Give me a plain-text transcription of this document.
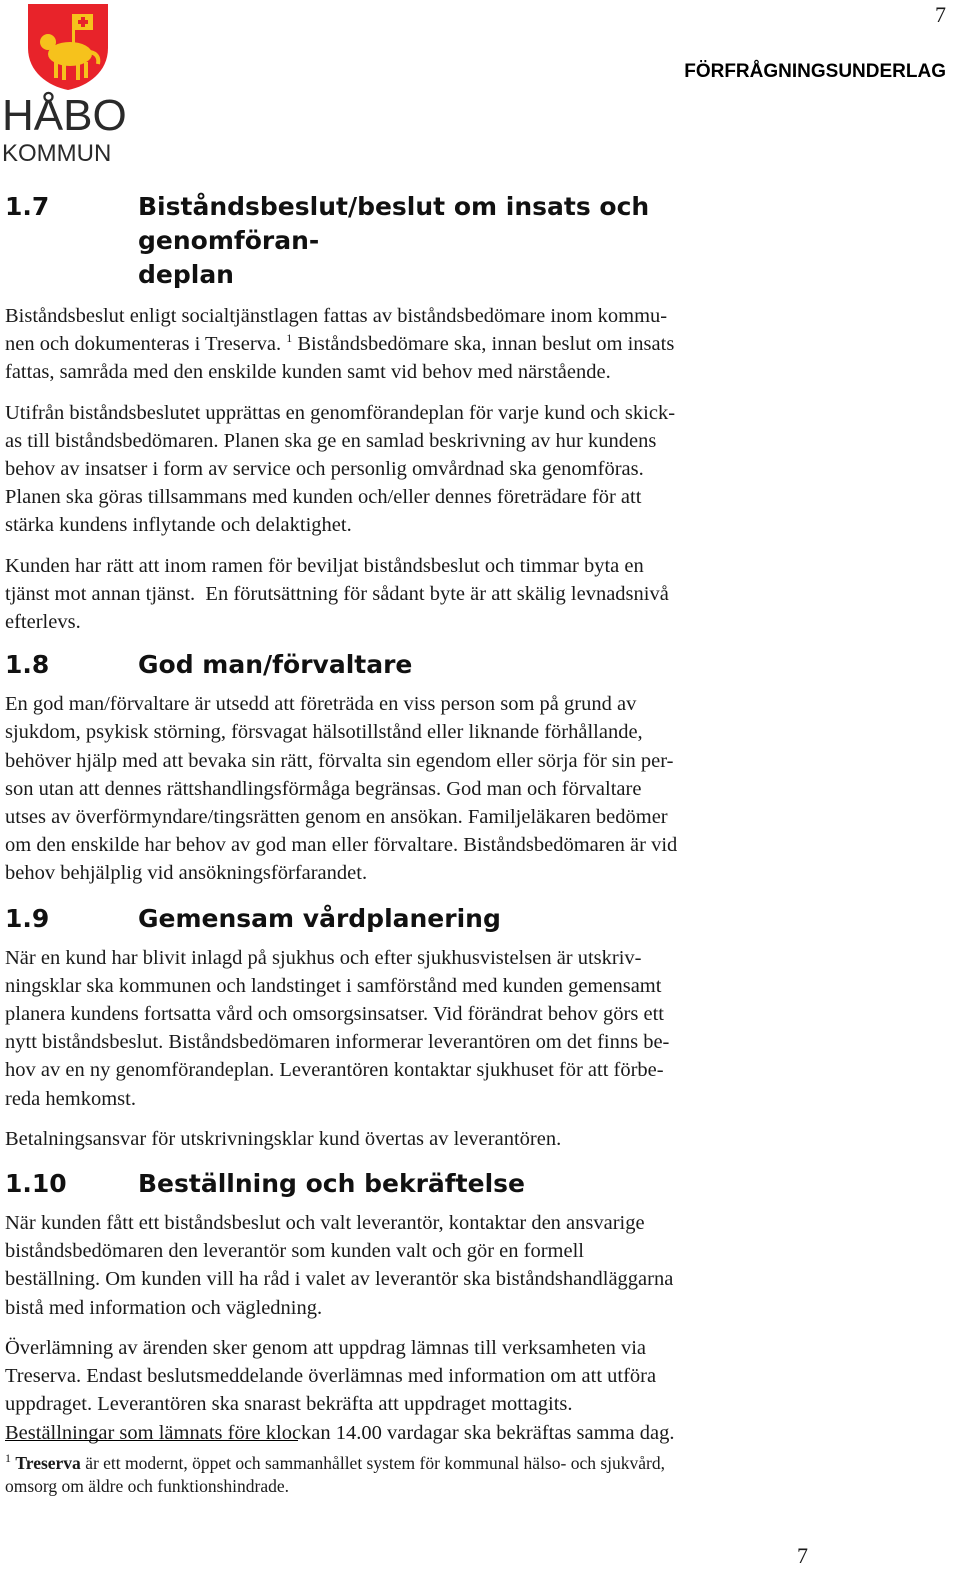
HÅBO
KOMMUN
7
FÖRFRÅGNINGSUNDERLAG
1.7	Biståndsbeslut/beslut om insats och genomföran-
deplan

Biståndsbeslut enligt socialtjänstlagen fattas av biståndsbedömare inom kommu-
nen och dokumenteras i Treserva. $^1$ Biståndsbedömare ska, innan beslut om insats
fattas, samråda med den enskilde kunden samt vid behov med närstående.

Utifrån biståndsbeslutet upprättas en genomförandeplan för varje kund och skick-
as till biståndsbedömaren. Planen ska ge en samlad beskrivning av hur kundens
behov av insatser i form av service och personlig omvårdnad ska genomföras.
Planen ska göras tillsammans med kunden och/eller dennes företrädare för att
stärka kundens inflytande och delaktighet.

Kunden har rätt att inom ramen för beviljat biståndsbeslut och timmar byta en
tjänst mot annan tjänst.  En förutsättning för sådant byte är att skälig levnadsnivå
efterlevs.

1.8	God man/förvaltare

En god man/förvaltare är utsedd att företräda en viss person som på grund av
sjukdom, psykisk störning, försvagat hälsotillstånd eller liknande förhållande,
behöver hjälp med att bevaka sin rätt, förvalta sin egendom eller sörja för sin per-
son utan att dennes rättshandlingsförmåga begränsas. God man och förvaltare
utses av överförmyndare/tingsrätten genom en ansökan. Familjeläkaren bedömer
om den enskilde har behov av god man eller förvaltare. Biståndsbedömaren är vid
behov behjälplig vid ansökningsförfarandet.

1.9	Gemensam vårdplanering

När en kund har blivit inlagd på sjukhus och efter sjukhusvistelsen är utskriv-
ningsklar ska kommunen och landstinget i samförstånd med kunden gemensamt
planera kundens fortsatta vård och omsorgsinsatser. Vid förändrat behov görs ett
nytt biståndsbeslut. Biståndsbedömaren informerar leverantören om det finns be-
hov av en ny genomförandeplan. Leverantören kontaktar sjukhuset för att förbe-
reda hemkomst.

Betalningsansvar för utskrivningsklar kund övertas av leverantören.

1.10	Beställning och bekräftelse

När kunden fått ett biståndsbeslut och valt leverantör, kontaktar den ansvarige
biståndsbedömaren den leverantör som kunden valt och gör en formell
beställning. Om kunden vill ha råd i valet av leverantör ska biståndshandläggarna
bistå med information och vägledning.

Överlämning av ärenden sker genom att uppdrag lämnas till verksamheten via
Treserva. Endast beslutsmeddelande överlämnas med information om att utföra
uppdraget. Leverantören ska snarast bekräfta att uppdraget mottagits.
Beställningar som lämnats före klockan 14.00 vardagar ska bekräftas samma dag.

$^1$ Treserva är ett modernt, öppet och sammanhållet system för kommunal hälso- och sjukvård,
omsorg om äldre och funktionshindrade.
7
